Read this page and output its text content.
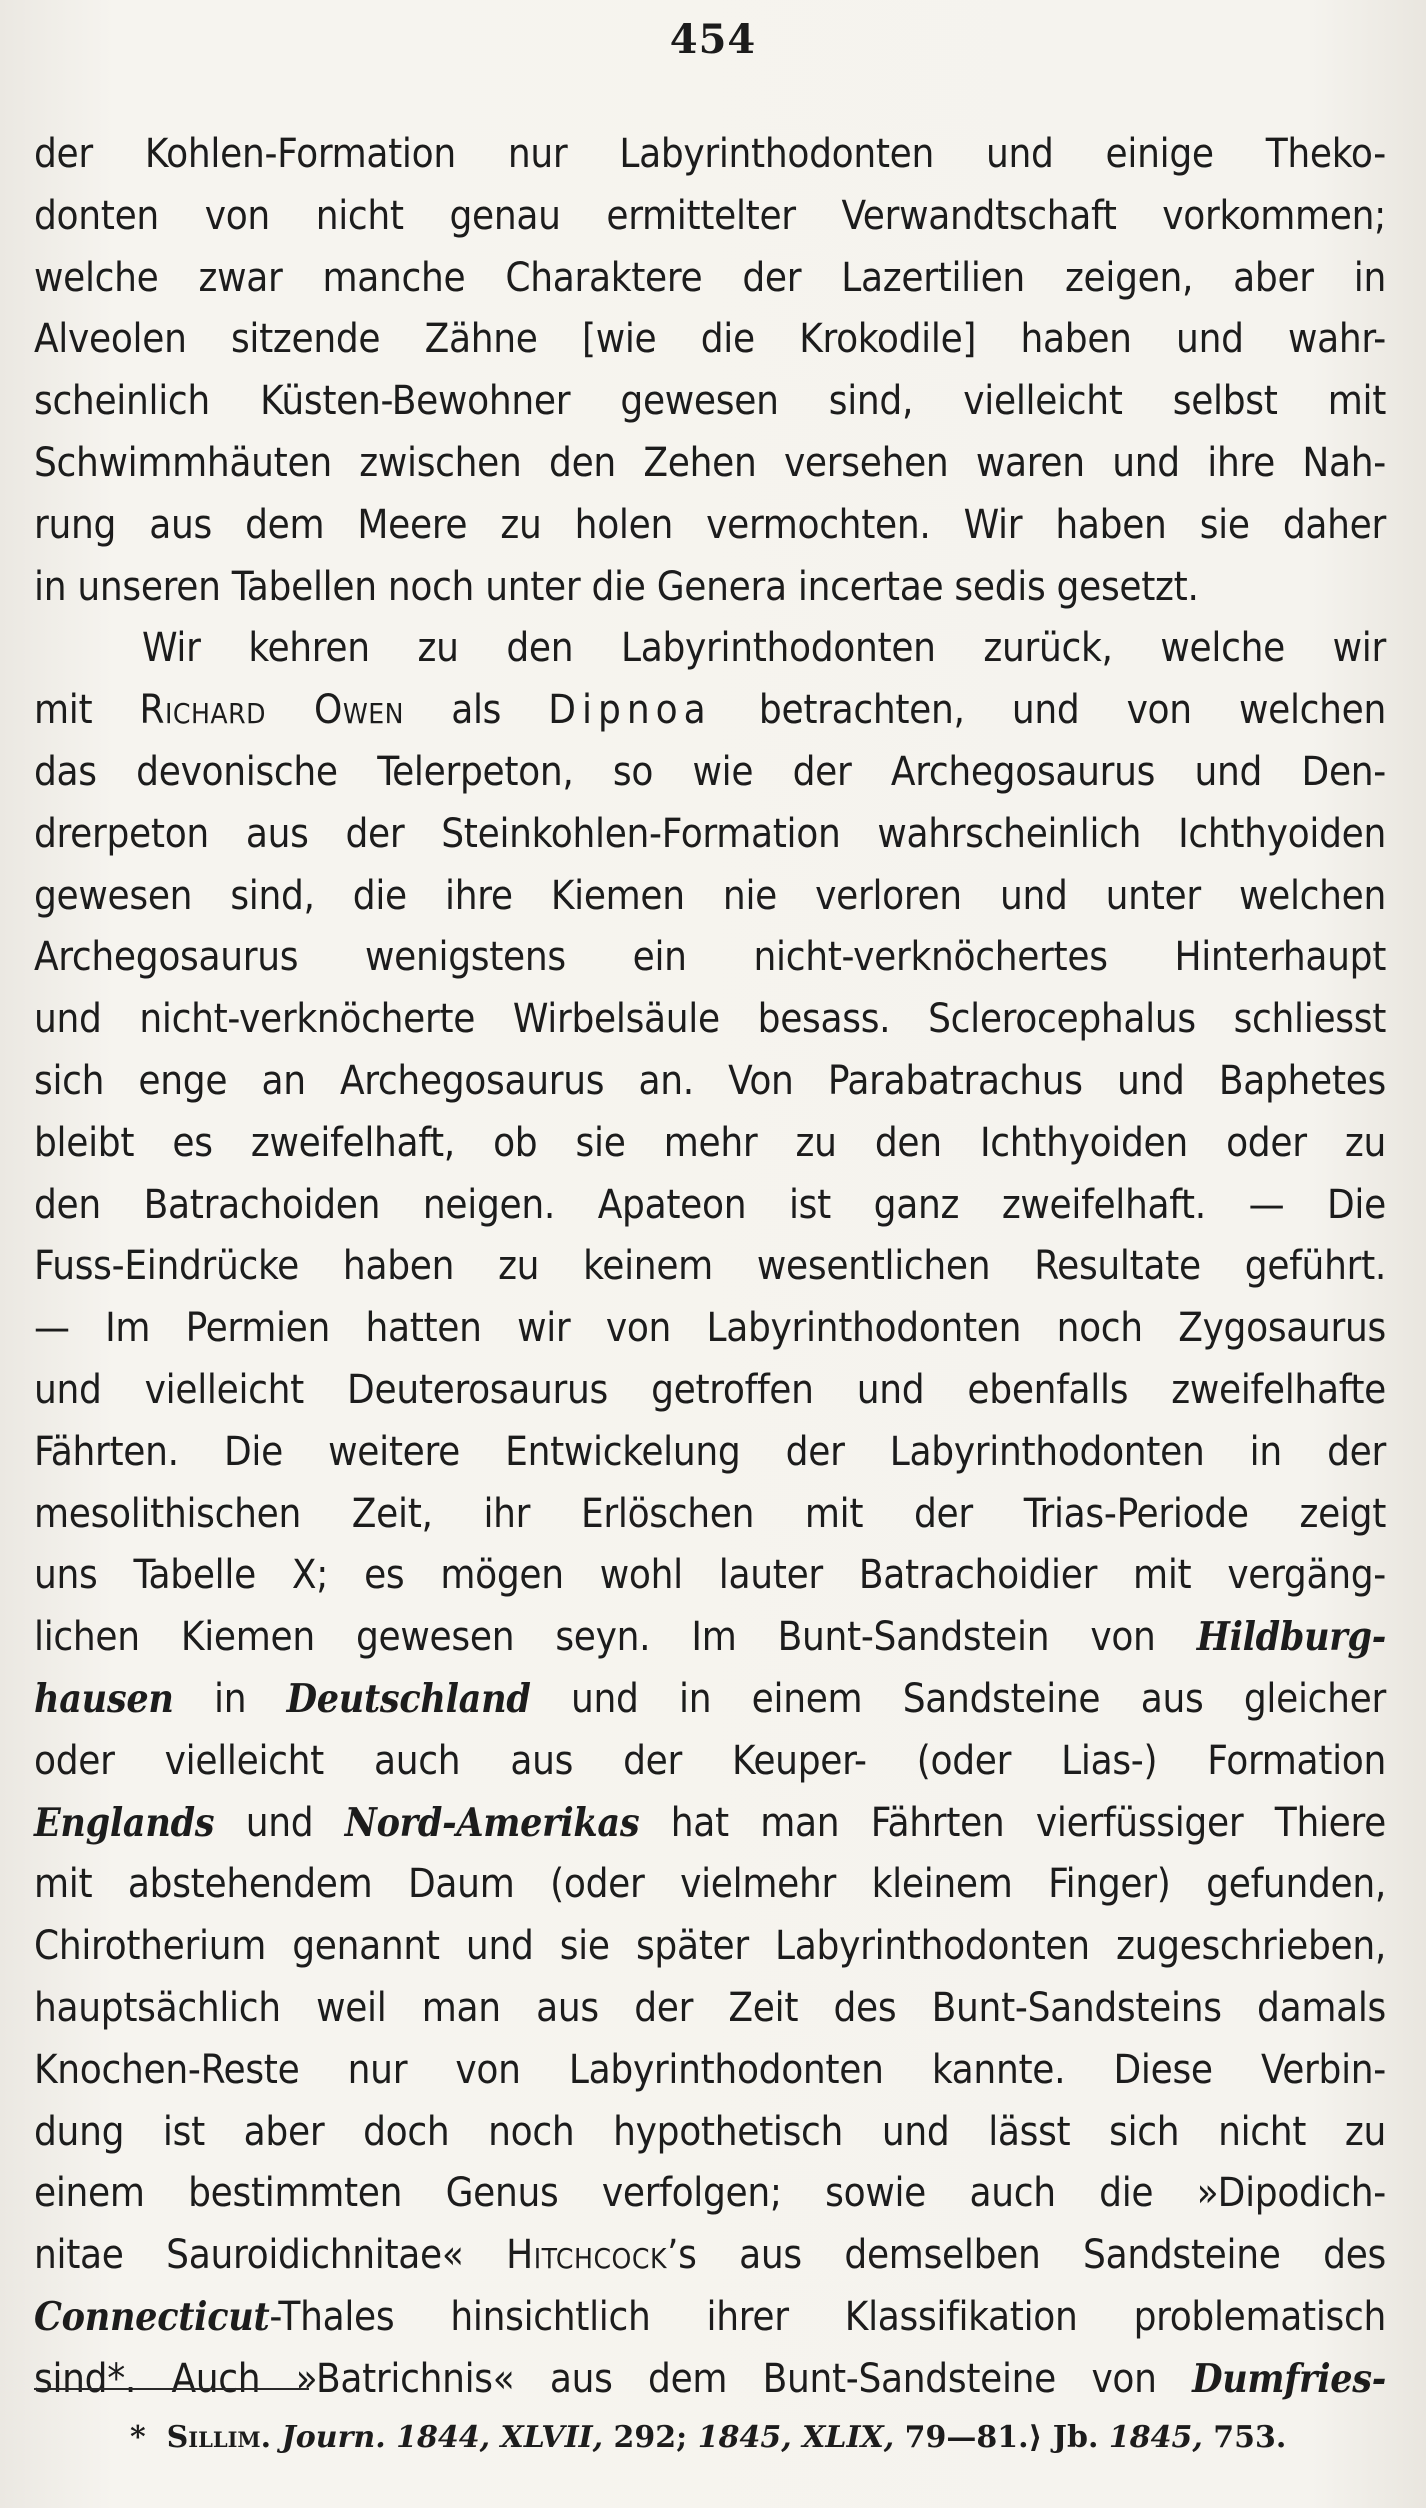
454
der Kohlen-Formation nur Labyrinthodonten und einige Theko-
donten von nicht genau ermittelter Verwandtschaft vorkommen;
welche zwar manche Charaktere der Lazertilien zeigen, aber in
Alveolen sitzende Zähne [wie die Krokodile] haben und wahr-
scheinlich Küsten-Bewohner gewesen sind, vielleicht selbst mit
Schwimmhäuten zwischen den Zehen versehen waren und ihre Nah-
rung aus dem Meere zu holen vermochten. Wir haben sie daher
in unseren Tabellen noch unter die Genera incertae sedis gesetzt.
Wir kehren zu den Labyrinthodonten zurück, welche wir
mit Richard Owen als Dipnoa betrachten, und von welchen
das devonische Telerpeton, so wie der Archegosaurus und Den-
drerpeton aus der Steinkohlen-Formation wahrscheinlich Ichthyoiden
gewesen sind, die ihre Kiemen nie verloren und unter welchen
Archegosaurus wenigstens ein nicht-verknöchertes Hinterhaupt
und nicht-verknöcherte Wirbelsäule besass. Sclerocephalus schliesst
sich enge an Archegosaurus an. Von Parabatrachus und Baphetes
bleibt es zweifelhaft, ob sie mehr zu den Ichthyoiden oder zu
den Batrachoiden neigen. Apateon ist ganz zweifelhaft. — Die
Fuss-Eindrücke haben zu keinem wesentlichen Resultate geführt.
— Im Permien hatten wir von Labyrinthodonten noch Zygosaurus
und vielleicht Deuterosaurus getroffen und ebenfalls zweifelhafte
Fährten. Die weitere Entwickelung der Labyrinthodonten in der
mesolithischen Zeit, ihr Erlöschen mit der Trias-Periode zeigt
uns Tabelle X; es mögen wohl lauter Batrachoidier mit vergäng-
lichen Kiemen gewesen seyn. Im Bunt-Sandstein von Hildburg-
hausen in Deutschland und in einem Sandsteine aus gleicher
oder vielleicht auch aus der Keuper- (oder Lias-) Formation
Englands und Nord-Amerikas hat man Fährten vierfüssiger Thiere
mit abstehendem Daum (oder vielmehr kleinem Finger) gefunden,
Chirotherium genannt und sie später Labyrinthodonten zugeschrieben,
hauptsächlich weil man aus der Zeit des Bunt-Sandsteins damals
Knochen-Reste nur von Labyrinthodonten kannte. Diese Verbin-
dung ist aber doch noch hypothetisch und lässt sich nicht zu
einem bestimmten Genus verfolgen; sowie auch die »Dipodich-
nitae Sauroidichnitae« Hitchcock’s aus demselben Sandsteine des
Connecticut-Thales hinsichtlich ihrer Klassifikation problematisch
sind*. Auch »Batrichnis« aus dem Bunt-Sandsteine von Dumfries-
* Sillim. Journ. 1844, XLVII, 292; 1845, XLIX, 79—81.⟩ Jb. 1845, 753.
